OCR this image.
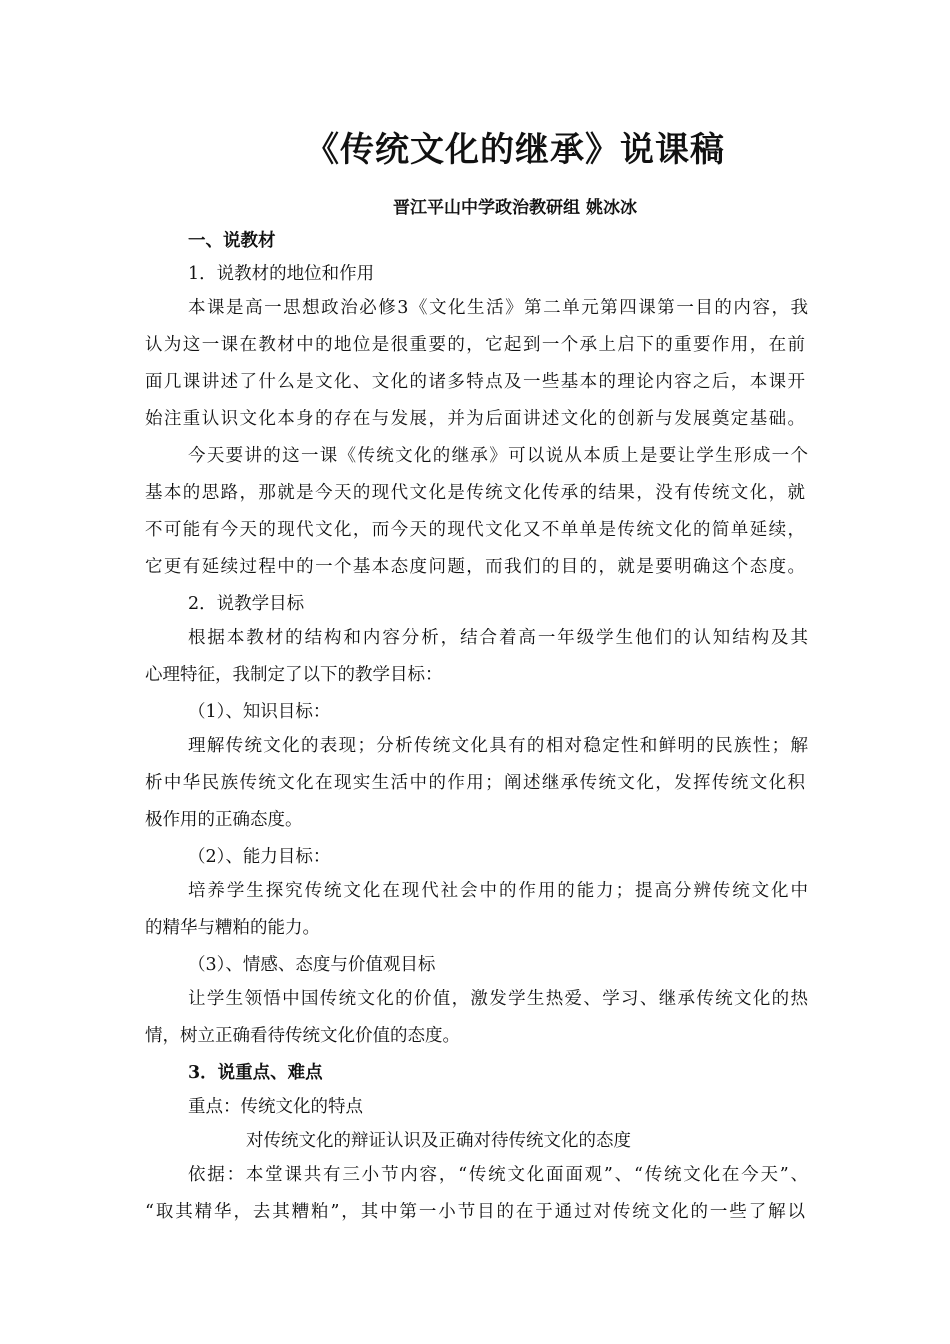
《传统文化的继承》说课稿
晋江平山中学政治教研组 姚冰冰
一、说教材
1．说教材的地位和作用
本课是高一思想政治必修3《文化生活》第二单元第四课第一目的内容，我
认为这一课在教材中的地位是很重要的，它起到一个承上启下的重要作用，在前
面几课讲述了什么是文化、文化的诸多特点及一些基本的理论内容之后，本课开
始注重认识文化本身的存在与发展，并为后面讲述文化的创新与发展奠定基础。
今天要讲的这一课《传统文化的继承》可以说从本质上是要让学生形成一个
基本的思路，那就是今天的现代文化是传统文化传承的结果，没有传统文化，就
不可能有今天的现代文化，而今天的现代文化又不单单是传统文化的简单延续，
它更有延续过程中的一个基本态度问题，而我们的目的，就是要明确这个态度。
2．说教学目标
根据本教材的结构和内容分析，结合着高一年级学生他们的认知结构及其
心理特征，我制定了以下的教学目标：
（1）、知识目标：
理解传统文化的表现；分析传统文化具有的相对稳定性和鲜明的民族性；解
析中华民族传统文化在现实生活中的作用；阐述继承传统文化，发挥传统文化积
极作用的正确态度。
（2）、能力目标：
培养学生探究传统文化在现代社会中的作用的能力；提高分辨传统文化中
的精华与糟粕的能力。
（3）、情感、态度与价值观目标
让学生领悟中国传统文化的价值，激发学生热爱、学习、继承传统文化的热
情，树立正确看待传统文化价值的态度。
3．说重点、难点
重点：传统文化的特点
对传统文化的辩证认识及正确对待传统文化的态度
依据：本堂课共有三小节内容，“传统文化面面观”、“传统文化在今天”、
“取其精华，去其糟粕”，其中第一小节目的在于通过对传统文化的一些了解以
